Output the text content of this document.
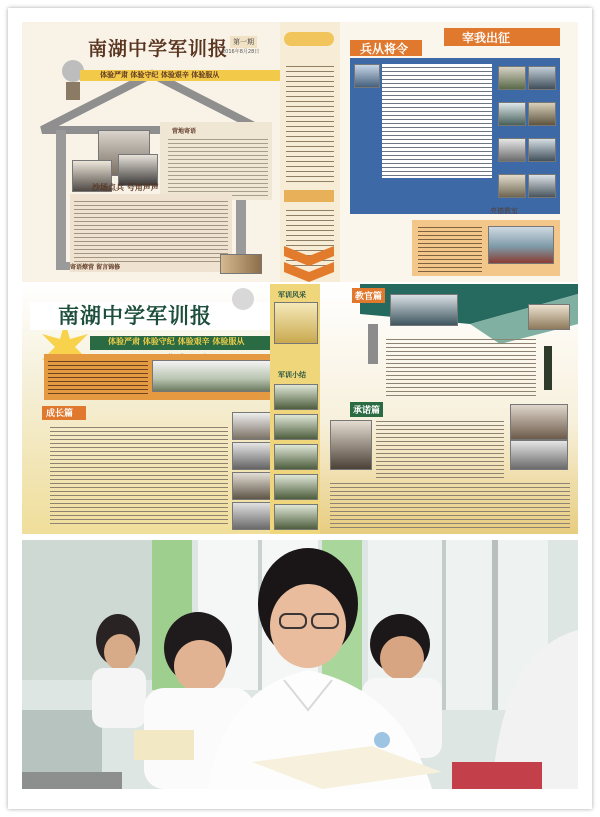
南湖中学军训报 第一期
2016年8月28日
体验严肃 体验守纪 体验艰辛 体验服从
营地寄语
沙场点兵 号角声声
寄语燎营 留言锦修
兵从将令
宰我出征
亮德教室
南湖中学军训报
体验严肃 体验守纪 体验艰辛 体验服从
成长篇
军训风采
军训小结
教官篇
承诺篇
